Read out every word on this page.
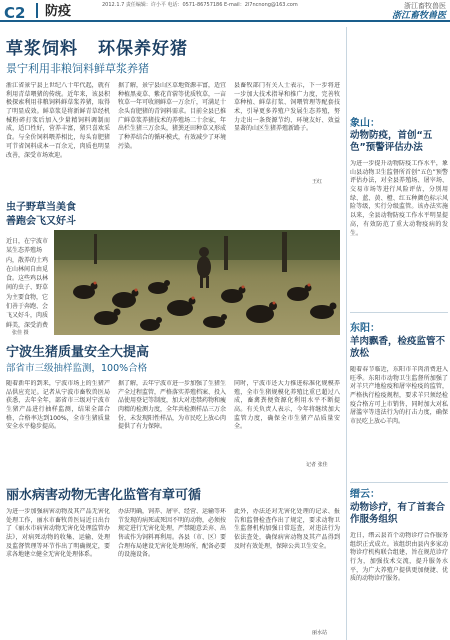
C2 防疫	2012.1.7 责任编辑：许小平 电话：0571-86757186 E-mail：2l7ncnong@163.com	浙江畜牧兽医
浙江畜牧兽医
草浆饲料 环保养好猪
景宁利用非粮饲料鲜草浆养猪
浙江省景宁县上世纪八十年代起，就有利用青草喂猪的传统。近年来，该县积极探索利用非粮饲料鲜草浆养猪，取得了明显成效。鲜草浆是将新鲜青草经机械粉碎打浆后加入少量精饲料调制而成，适口性好，营养丰富，猪只喜欢采食。与全价饲料喂养相比，每头育肥猪可节省饲料成本一百余元，肉质也明显改善，深受市场欢迎。
据了解，景宁县山区草地资源丰富，适宜种植黑麦草、紫花苜蓿等优质牧草，一亩牧草一年可收割鲜草一万余斤，可满足十余头育肥猪的青饲料需求。目前全县已推广鲜草浆养猪技术的养殖场二十余家，年出栏生猪三万余头，猪粪还田种草又形成了种养结合的循环模式，有效减少了环境污染。
县畜牧部门有关人士表示，下一步将进一步加大技术指导和推广力度，完善牧草种植、鲜草打浆、饲喂管理等配套技术，引导更多养殖户发展生态养殖，努力走出一条资源节约、环境友好、效益显著的山区生猪养殖新路子。
王红
虫子野草当美食
善跑会飞又好斗
近日，在宁波市某生态养殖场内，散养的土鸡在山林间自由觅食。这些鸡以林间的虫子、野草为主要食物，它们善于奔跑、会飞又好斗，肉质鲜美，深受消费
张佳 摄
宁波生猪质量安全大提高
部省市三级抽样监测，100%合格
随着新年的到来，宁波市场上的生猪产品供应充足。记者从宁波市畜牧兽医局获悉，去年全年，部省市三级对宁波市生猪产品进行抽样监测，结果全部合格，合格率达到100%，全市生猪质量安全水平稳步提高。
据了解，去年宁波市进一步加强了生猪生产全过程监管，严格落实养殖档案、投入品使用登记等制度，加大对违禁药物和瘦肉精的检测力度，全年共检测样品三万余份，未发现阳性样品，为市民吃上放心肉提供了有力保障。
同时，宁波市还大力推进标准化规模养殖，全市生猪规模化养殖比重已超过八成，畜禽粪便资源化利用水平不断提高。有关负责人表示，今年将继续加大监管力度，确保全市生猪产品质量安全。
记者 张佳
丽水病害动物无害化监管有章可循
为进一步加强病害动物及其产品无害化处理工作，丽水市畜牧兽医局近日出台了《丽水市病害动物无害化处理监管办法》，对病死动物的收集、运输、处理及监督管理等环节作出了明确规定，要求各地建立健全无害化处理体系。
办法明确，饲养、屠宰、经营、运输等环节发现的病死或死因不明的动物，必须按规定进行无害化处理，严禁随意丢弃、出售或作为饲料再利用。各县（市、区）要合理布局建设无害化处理场所，配备必要的设施设备。
此外，办法还对无害化处理的记录、报告和监督检查作出了规定，要求动物卫生监督机构加强日常巡查，对违法行为依法查处，确保病害动物及其产品得到及时有效处理，保障公共卫生安全。
丽水站
象山：
动物防疫，首创“五色”预警评估办法
为进一步提升动物防疫工作水平，象山县动物卫生监督所首创“五色”预警评估办法，对全县养殖场、屠宰场、交易市场等进行风险评估，分别用绿、蓝、黄、橙、红五种颜色标示风险等级，实行分级监管。该办法实施以来，全县动物防疫工作水平明显提高，有效防范了重大动物疫病的发生。
东阳：
羊肉飘香，检疫监管不放松
随着春节临近，东阳市羊肉消费进入旺季。东阳市动物卫生监督所加强了对羊只产地检疫和屠宰检疫的监管，严格执行检疫规程，要求羊只须经检疫合格方可上市销售，同时加大对私屠滥宰等违法行为的打击力度，确保市民吃上放心羊肉。
缙云：
动物诊疗，有了首套合作服务组织
近日，缙云县首个动物诊疗合作服务组织正式成立。该组织由县内多家动物诊疗机构联合组建，旨在规范诊疗行为，加强技术交流，提升服务水平，为广大养殖户提供更加便捷、优质的动物诊疗服务。
